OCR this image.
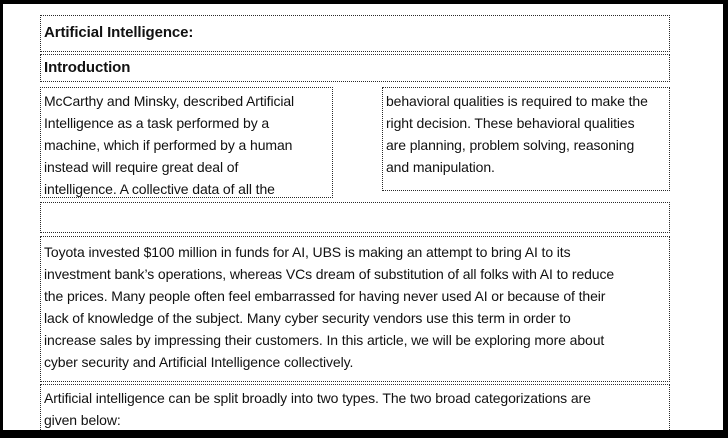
Artificial Intelligence:
Introduction
McCarthy and Minsky, described Artificial
Intelligence as a task performed by a
machine, which if performed by a human
instead will require great deal of
intelligence. A collective data of all the
behavioral qualities is required to make the
right decision. These behavioral qualities
are planning, problem solving, reasoning
and manipulation.
Toyota invested $100 million in funds for AI, UBS is making an attempt to bring AI to its
investment bank’s operations, whereas VCs dream of substitution of all folks with AI to reduce
the prices. Many people often feel embarrassed for having never used AI or because of their
lack of knowledge of the subject. Many cyber security vendors use this term in order to
increase sales by impressing their customers. In this article, we will be exploring more about
cyber security and Artificial Intelligence collectively.
Artificial intelligence can be split broadly into two types. The two broad categorizations are
given below:
